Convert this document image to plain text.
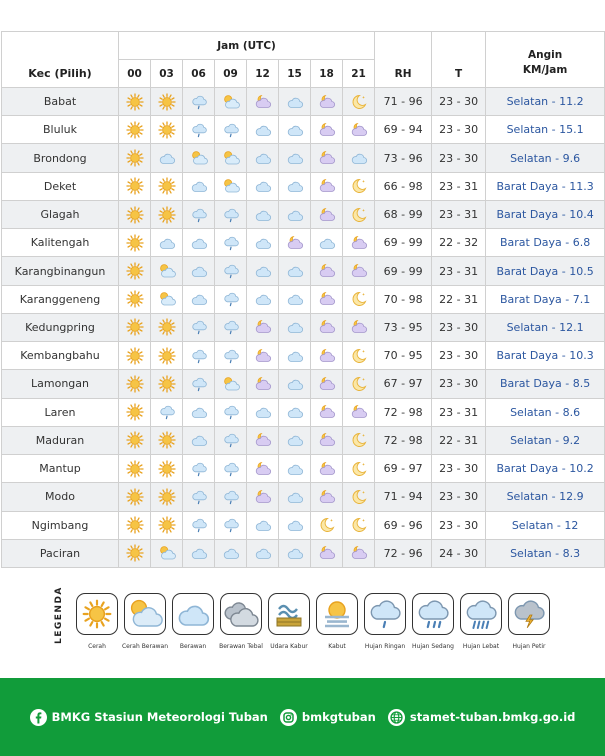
Kec (Pilih)	Jam (UTC)								RH	T	Angin
KM/Jam
	00	03	06	09	12	15	18	21			
Babat									71 - 96	23 - 30	Selatan - 11.2
Bluluk									69 - 94	23 - 30	Selatan - 15.1
Brondong									73 - 96	23 - 30	Selatan - 9.6
Deket									66 - 98	23 - 31	Barat Daya - 11.3
Glagah									68 - 99	23 - 31	Barat Daya - 10.4
Kalitengah									69 - 99	22 - 32	Barat Daya - 6.8
Karangbinangun									69 - 99	23 - 31	Barat Daya - 10.5
Karanggeneng									70 - 98	22 - 31	Barat Daya - 7.1
Kedungpring									73 - 95	23 - 30	Selatan - 12.1
Kembangbahu									70 - 95	23 - 30	Barat Daya - 10.3
Lamongan									67 - 97	23 - 30	Barat Daya - 8.5
Laren									72 - 98	23 - 31	Selatan - 8.6
Maduran									72 - 98	22 - 31	Selatan - 9.2
Mantup									69 - 97	23 - 30	Barat Daya - 10.2
Modo									71 - 94	23 - 30	Selatan - 12.9
Ngimbang									69 - 96	23 - 30	Selatan - 12
Paciran									72 - 96	24 - 30	Selatan - 8.3
LEGENDA
Cerah	Cerah Berawan	Berawan	Berawan Tebal	Udara Kabur	Kabut	Hujan Ringan	Hujan Sedang	Hujan Lebat	Hujan Petir
BMKG Stasiun Meteorologi Tuban	bmkgtuban	stamet-tuban.bmkg.go.id
